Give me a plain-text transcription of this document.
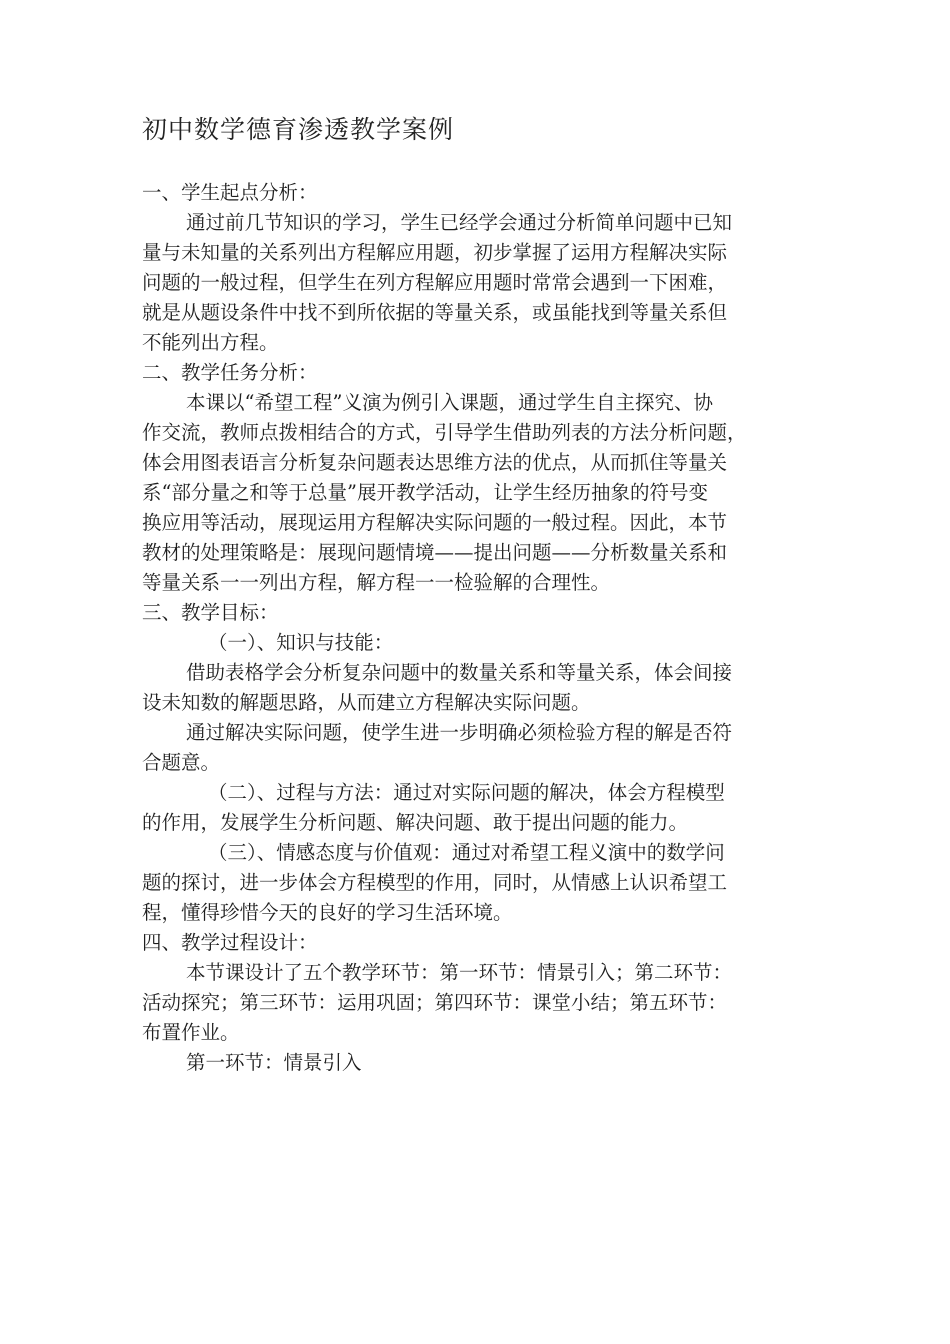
初中数学德育渗透教学案例
一、学生起点分析：
通过前几节知识的学习，学生已经学会通过分析简单问题中已知
量与未知量的关系列出方程解应用题，初步掌握了运用方程解决实际
问题的一般过程，但学生在列方程解应用题时常常会遇到一下困难，
就是从题设条件中找不到所依据的等量关系，或虽能找到等量关系但
不能列出方程。
二、教学任务分析：
本课以“希望工程”义演为例引入课题，通过学生自主探究、协
作交流，教师点拨相结合的方式，引导学生借助列表的方法分析问题，
体会用图表语言分析复杂问题表达思维方法的优点，从而抓住等量关
系“部分量之和等于总量”展开教学活动，让学生经历抽象的符号变
换应用等活动，展现运用方程解决实际问题的一般过程。因此，本节
教材的处理策略是：展现问题情境——提出问题——分析数量关系和
等量关系一一列出方程，解方程一一检验解的合理性。
三、教学目标：
（一）、知识与技能：
借助表格学会分析复杂问题中的数量关系和等量关系，体会间接
设未知数的解题思路，从而建立方程解决实际问题。
通过解决实际问题，使学生进一步明确必须检验方程的解是否符
合题意。
（二）、过程与方法：通过对实际问题的解决，体会方程模型
的作用，发展学生分析问题、解决问题、敢于提出问题的能力。
（三）、情感态度与价值观：通过对希望工程义演中的数学问
题的探讨，进一步体会方程模型的作用，同时，从情感上认识希望工
程，懂得珍惜今天的良好的学习生活环境。
四、教学过程设计：
本节课设计了五个教学环节：第一环节：情景引入；第二环节：
活动探究；第三环节：运用巩固；第四环节：课堂小结；第五环节：
布置作业。
第一环节：情景引入
